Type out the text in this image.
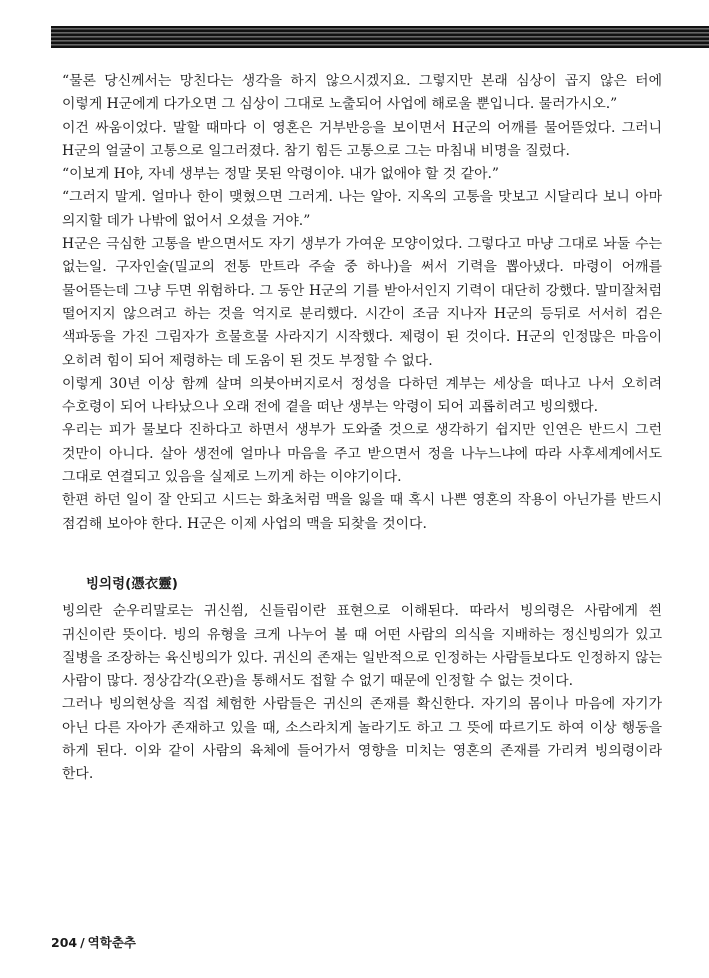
“물론 당신께서는 망친다는 생각을 하지 않으시겠지요. 그렇지만 본래 심상이 곱지 않은 터에 이렇게 H군에게 다가오면 그 심상이 그대로 노출되어 사업에 해로울 뿐입니다. 물러가시오.”

이건 싸움이었다. 말할 때마다 이 영혼은 거부반응을 보이면서 H군의 어깨를 물어뜯었다. 그러니 H군의 얼굴이 고통으로 일그러졌다. 참기 힘든 고통으로 그는 마침내 비명을 질렀다.

“이보게 H야, 자네 생부는 정말 못된 악령이야. 내가 없애야 할 것 같아.”

“그러지 말게. 얼마나 한이 맺혔으면 그러게. 나는 알아. 지옥의 고통을 맛보고 시달리다 보니 아마 의지할 데가 나밖에 없어서 오셨을 거야.”

H군은 극심한 고통을 받으면서도 자기 생부가 가여운 모양이었다. 그렇다고 마냥 그대로 놔둘 수는 없는일. 구자인술(밀교의 전통 만트라 주술 중 하나)을 써서 기력을 뽑아냈다. 마령이 어깨를 물어뜯는데 그냥 두면 위험하다. 그 동안 H군의 기를 받아서인지 기력이 대단히 강했다. 말미잘처럼 떨어지지 않으려고 하는 것을 억지로 분리했다. 시간이 조금 지나자 H군의 등뒤로 서서히 검은 색파동을 가진 그림자가 흐물흐물 사라지기 시작했다. 제령이 된 것이다. H군의 인정많은 마음이 오히려 힘이 되어 제령하는 데 도움이 된 것도 부정할 수 없다.

이렇게 30년 이상 함께 살며 의붓아버지로서 정성을 다하던 계부는 세상을 떠나고 나서 오히려 수호령이 되어 나타났으나 오래 전에 곁을 떠난 생부는 악령이 되어 괴롭히려고 빙의했다.

우리는 피가 물보다 진하다고 하면서 생부가 도와줄 것으로 생각하기 쉽지만 인연은 반드시 그런 것만이 아니다. 살아 생전에 얼마나 마음을 주고 받으면서 정을 나누느냐에 따라 사후세계에서도 그대로 연결되고 있음을 실제로 느끼게 하는 이야기이다.

한편 하던 일이 잘 안되고 시드는 화초처럼 맥을 잃을 때 혹시 나쁜 영혼의 작용이 아닌가를 반드시 점검해 보아야 한다. H군은 이제 사업의 맥을 되찾을 것이다.

빙의령(憑衣靈)

빙의란 순우리말로는 귀신씜, 신들림이란 표현으로 이해된다. 따라서 빙의령은 사람에게 씐 귀신이란 뜻이다. 빙의 유형을 크게 나누어 볼 때 어떤 사람의 의식을 지배하는 정신빙의가 있고 질병을 조장하는 육신빙의가 있다. 귀신의 존재는 일반적으로 인정하는 사람들보다도 인정하지 않는 사람이 많다. 정상감각(오관)을 통해서도 접할 수 없기 때문에 인정할 수 없는 것이다.

그러나 빙의현상을 직접 체험한 사람들은 귀신의 존재를 확신한다. 자기의 몸이나 마음에 자기가 아닌 다른 자아가 존재하고 있을 때, 소스라치게 놀라기도 하고 그 뜻에 따르기도 하여 이상 행동을 하게 된다. 이와 같이 사람의 육체에 들어가서 영향을 미치는 영혼의 존재를 가리켜 빙의령이라 한다.

204 / 역학춘추
